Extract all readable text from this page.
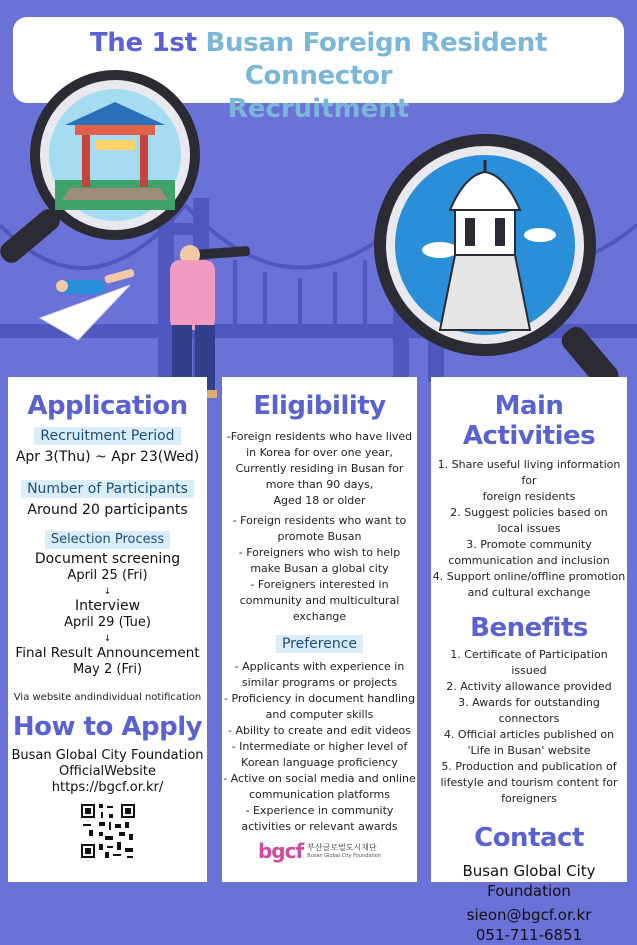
The 1st Busan Foreign Resident Connector
Recruitment
Application
Recruitment Period
Apr 3(Thu) ~ Apr 23(Wed)
Number of Participants
Around 20 participants
Selection Process
Document screening
April 25 (Fri)
↓
Interview
April 29 (Tue)
↓
Final Result Announcement
May 2 (Fri)
Via website andindividual notification
How to Apply
Busan Global City Foundation
OfficialWebsite
https://bgcf.or.kr/
Eligibility
-Foreign residents who have lived
in Korea for over one year,
Currently residing in Busan for
more than 90 days,
Aged 18 or older
- Foreign residents who want to
promote Busan
- Foreigners who wish to help
make Busan a global city
- Foreigners interested in
community and multicultural
exchange
Preference
- Applicants with experience in
similar programs or projects
- Proficiency in document handling
and computer skills
- Ability to create and edit videos
- Intermediate or higher level of
Korean language proficiency
- Active on social media and online
communication platforms
- Experience in community
activities or relevant awards
bgcf 부산글로벌도시재단
Busan Global City Foundation
Main Activities
1. Share useful living information for
foreign residents
2. Suggest policies based on
local issues
3. Promote community
communication and inclusion
4. Support online/offline promotion
and cultural exchange
Benefits
1. Certificate of Participation issued
2. Activity allowance provided
3. Awards for outstanding
connectors
4. Official articles published on
'Life in Busan' website
5. Production and publication of
lifestyle and tourism content for
foreigners
Contact
Busan Global City
Foundation
sieon@bgcf.or.kr
051-711-6851
